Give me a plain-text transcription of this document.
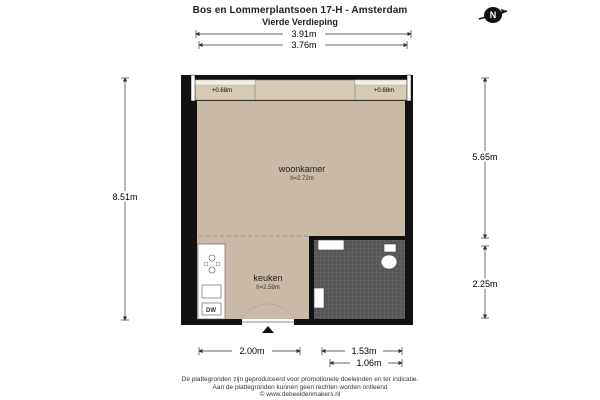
Bos en Lommerplantsoen 17-H - Amsterdam
Vierde Verdieping
N
3.91m
3.76m
8.51m
5.65m
2.25m
2.00m	1.53m
1.06m
+0.68m	+0.68m
DW
woonkamer
h=2.72m
keuken
h=2.59m
De plattegronden zijn geproduceerd voor promotionele doeleinden en ter indicatie.
Aan de plattegronden kunnen geen rechten worden ontleend
© www.debeeldenmakers.nl
